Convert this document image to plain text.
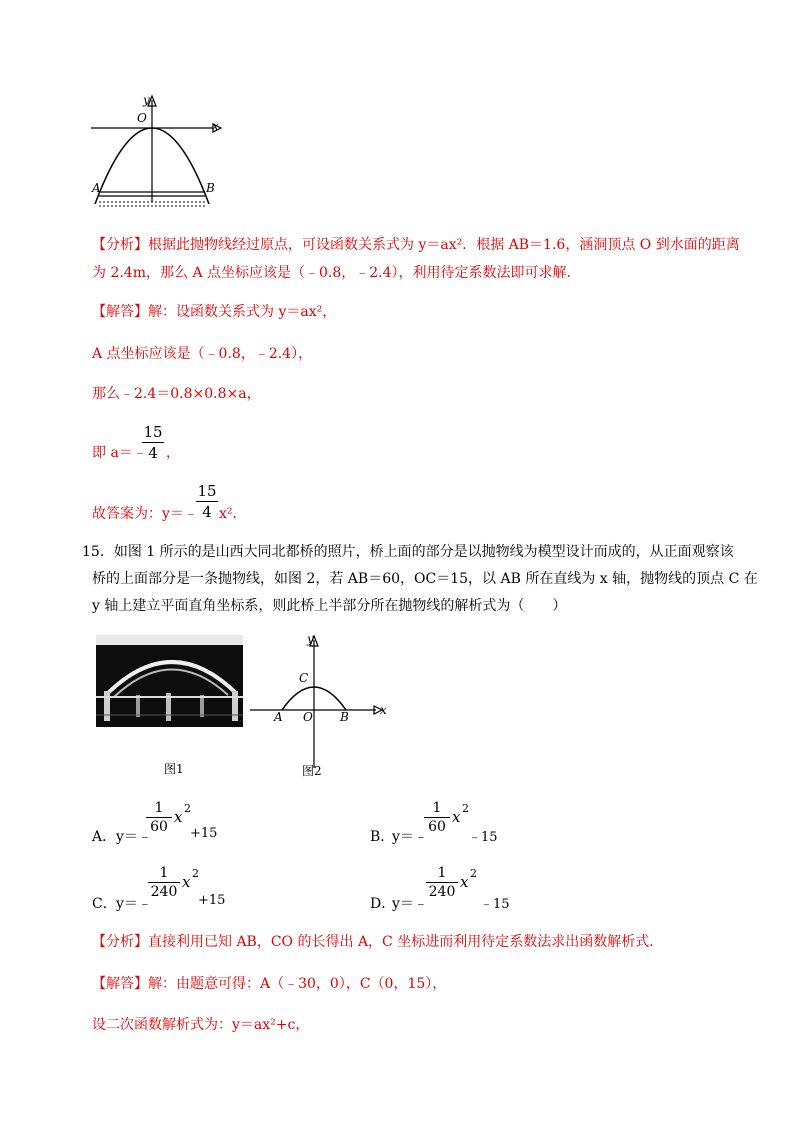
y
x
O
A	B
【分析】根据此抛物线经过原点，可设函数关系式为 y＝ax²．根据 AB＝1.6，涵洞顶点 O 到水面的距离
为 2.4m，那么 A 点坐标应该是（﹣0.8，﹣2.4），利用待定系数法即可求解．
【解答】解：设函数关系式为 y＝ax²，
A 点坐标应该是（﹣0.8，﹣2.4），
那么﹣2.4＝0.8×0.8×a，
即 a＝﹣
15
4 ，
故答案为：y＝﹣
15
4 x²．
15．如图 1 所示的是山西大同北都桥的照片，桥上面的部分是以抛物线为模型设计而成的，从正面观察该
桥的上面部分是一条抛物线，如图 2，若 AB＝60，OC＝15，以 AB 所在直线为 x 轴，抛物线的顶点 C 在
y 轴上建立平面直角坐标系，则此桥上半部分所在抛物线的解析式为（　　）
图1
y
x
C
A O B
图2
A． y＝﹣
1
60
x 2
+15	B．
y＝﹣
1
60
x 2
﹣15
C． y＝﹣
1
240
x 2
+15	D．
y＝﹣
1
240
x 2
﹣15
【分析】直接利用已知 AB，CO 的长得出 A，C 坐标进而利用待定系数法求出函数解析式．
【解答】解：由题意可得：A（﹣30，0），C（0，15），
设二次函数解析式为：y＝ax²+c，
